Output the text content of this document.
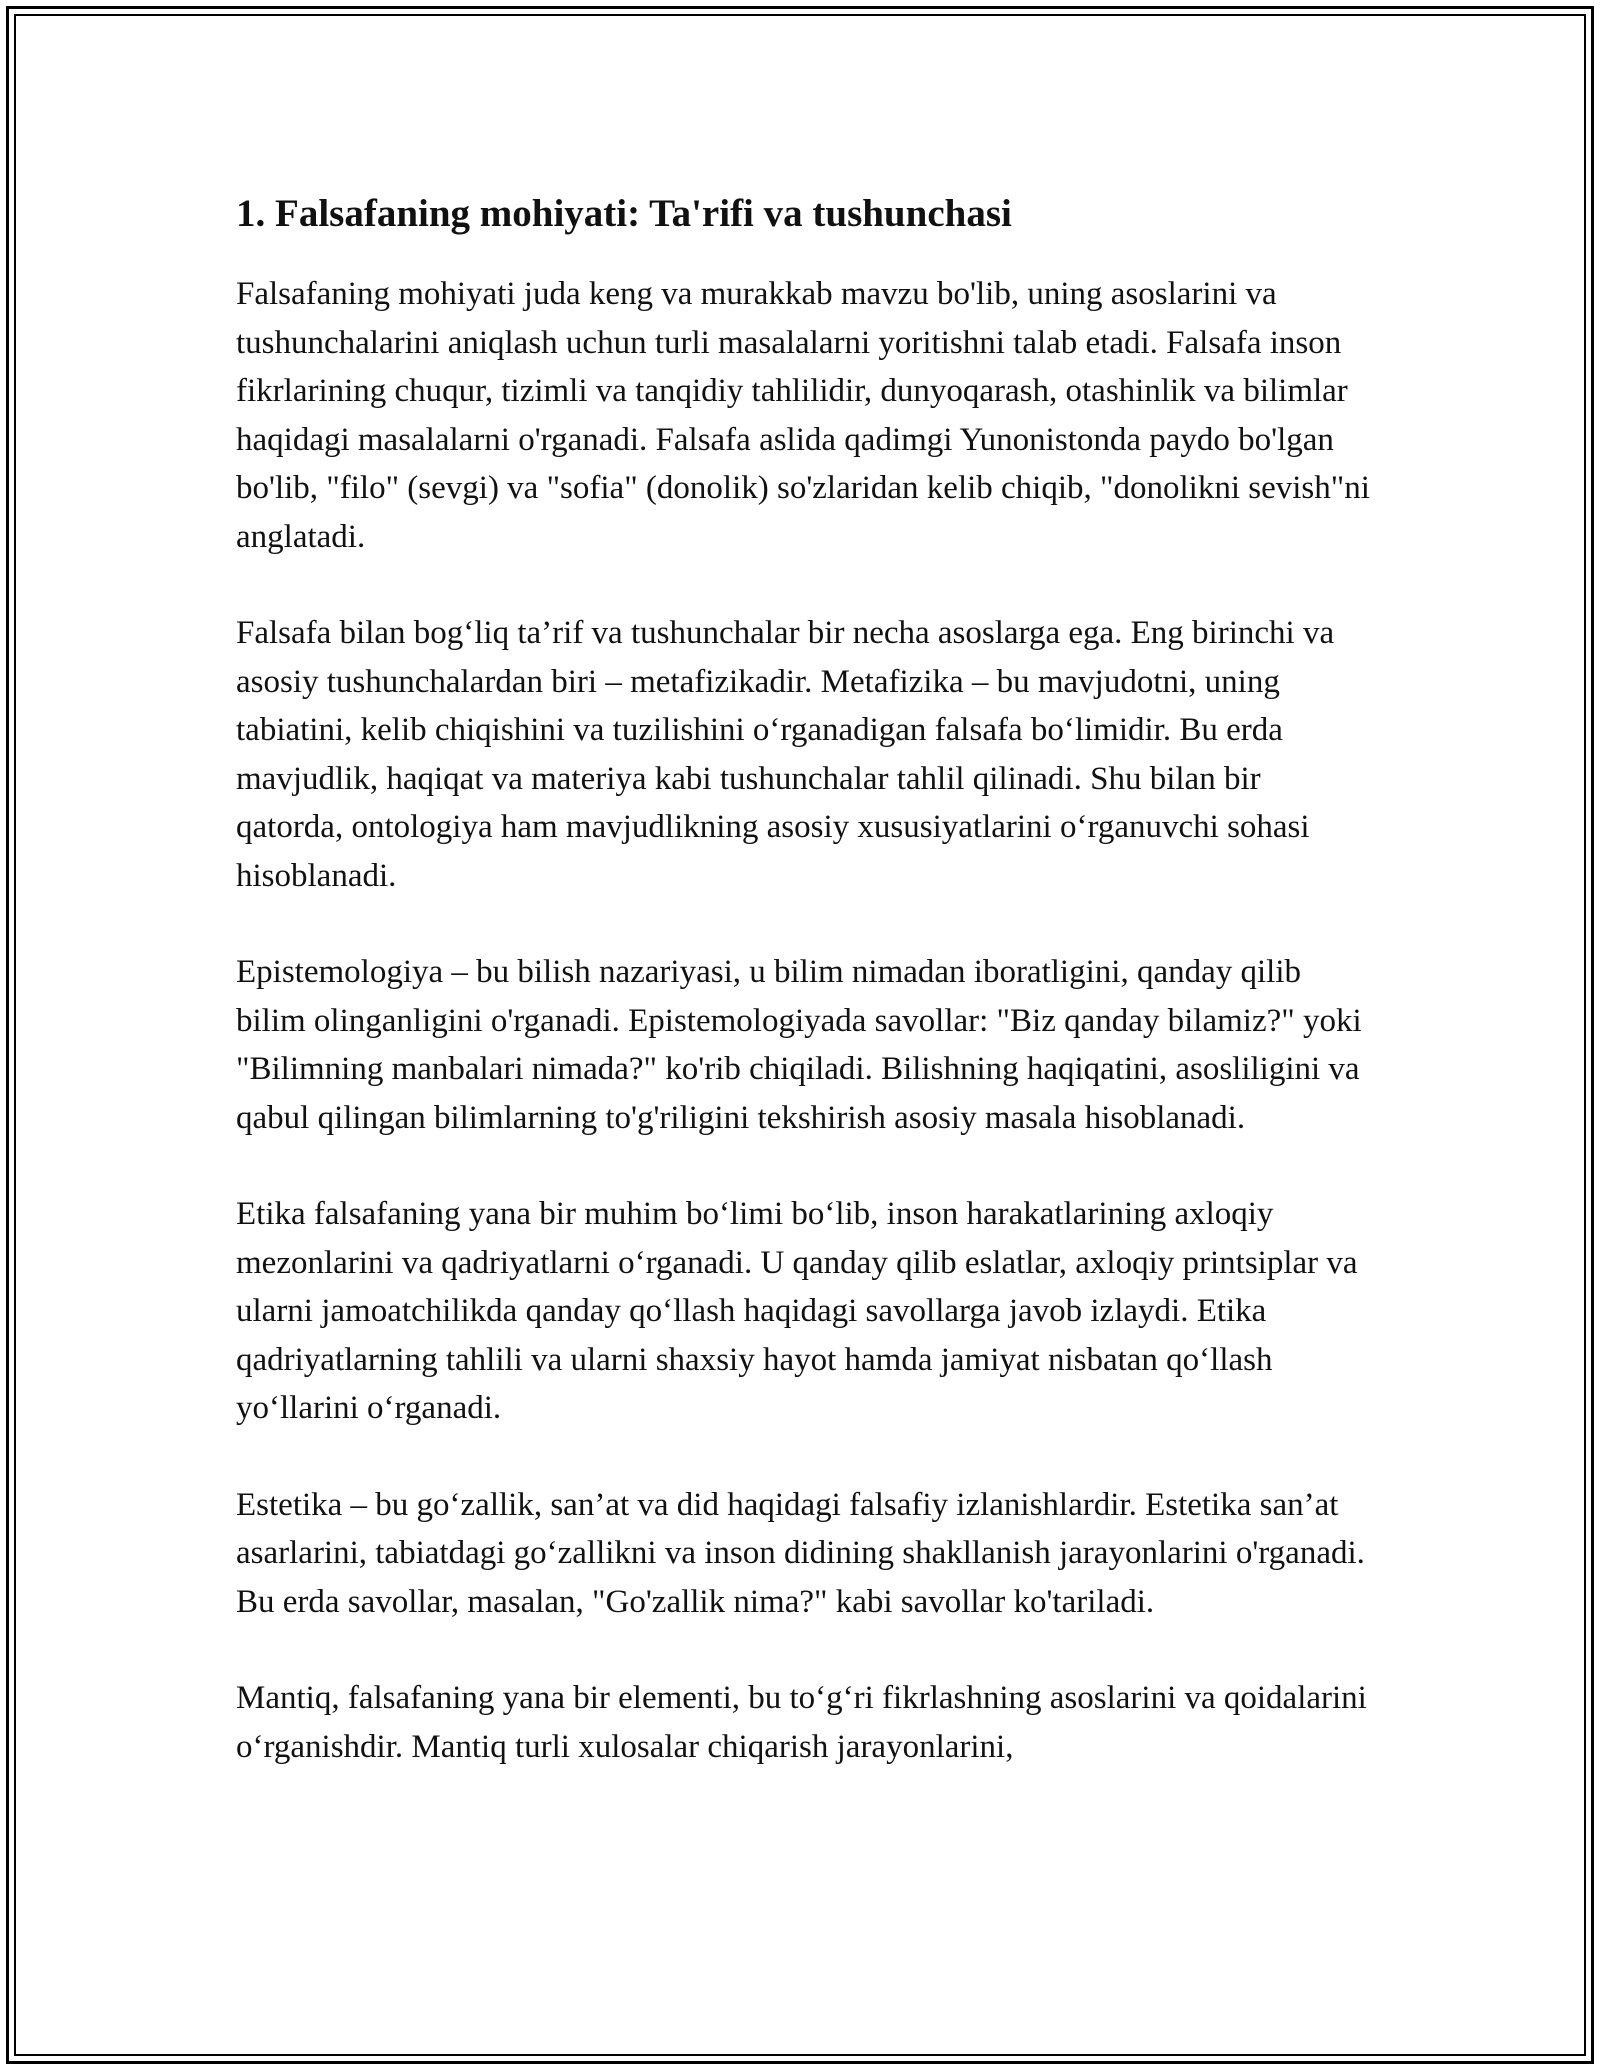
1. Falsafaning mohiyati: Ta'rifi va tushunchasi

Falsafaning mohiyati juda keng va murakkab mavzu bo'lib, uning asoslarini va tushunchalarini aniqlash uchun turli masalalarni yoritishni talab etadi. Falsafa inson fikrlarining chuqur, tizimli va tanqidiy tahlilidir, dunyoqarash, otashinlik va bilimlar haqidagi masalalarni o'rganadi. Falsafa aslida qadimgi Yunonistonda paydo bo'lgan bo'lib, "filo" (sevgi) va "sofia" (donolik) so'zlaridan kelib chiqib, "donolikni sevish"ni anglatadi.

Falsafa bilan bog‘liq ta’rif va tushunchalar bir necha asoslarga ega. Eng birinchi va asosiy tushunchalardan biri – metafizikadir. Metafizika – bu mavjudotni, uning tabiatini, kelib chiqishini va tuzilishini o‘rganadigan falsafa bo‘limidir. Bu erda mavjudlik, haqiqat va materiya kabi tushunchalar tahlil qilinadi. Shu bilan bir qatorda, ontologiya ham mavjudlikning asosiy xususiyatlarini o‘rganuvchi sohasi hisoblanadi.

Epistemologiya – bu bilish nazariyasi, u bilim nimadan iboratligini, qanday qilib bilim olinganligini o'rganadi. Epistemologiyada savollar: "Biz qanday bilamiz?" yoki "Bilimning manbalari nimada?" ko'rib chiqiladi. Bilishning haqiqatini, asosliligini va qabul qilingan bilimlarning to'g'riligini tekshirish asosiy masala hisoblanadi.

Etika falsafaning yana bir muhim bo‘limi bo‘lib, inson harakatlarining axloqiy mezonlarini va qadriyatlarni o‘rganadi. U qanday qilib eslatlar, axloqiy printsiplar va ularni jamoatchilikda qanday qo‘llash haqidagi savollarga javob izlaydi. Etika qadriyatlarning tahlili va ularni shaxsiy hayot hamda jamiyat nisbatan qo‘llash yo‘llarini o‘rganadi.

Estetika – bu go‘zallik, san’at va did haqidagi falsafiy izlanishlardir. Estetika san’at asarlarini, tabiatdagi go‘zallikni va inson didining shakllanish jarayonlarini o'rganadi. Bu erda savollar, masalan, "Go'zallik nima?" kabi savollar ko'tariladi.

Mantiq, falsafaning yana bir elementi, bu to‘g‘ri fikrlashning asoslarini va qoidalarini o‘rganishdir. Mantiq turli xulosalar chiqarish jarayonlarini,
